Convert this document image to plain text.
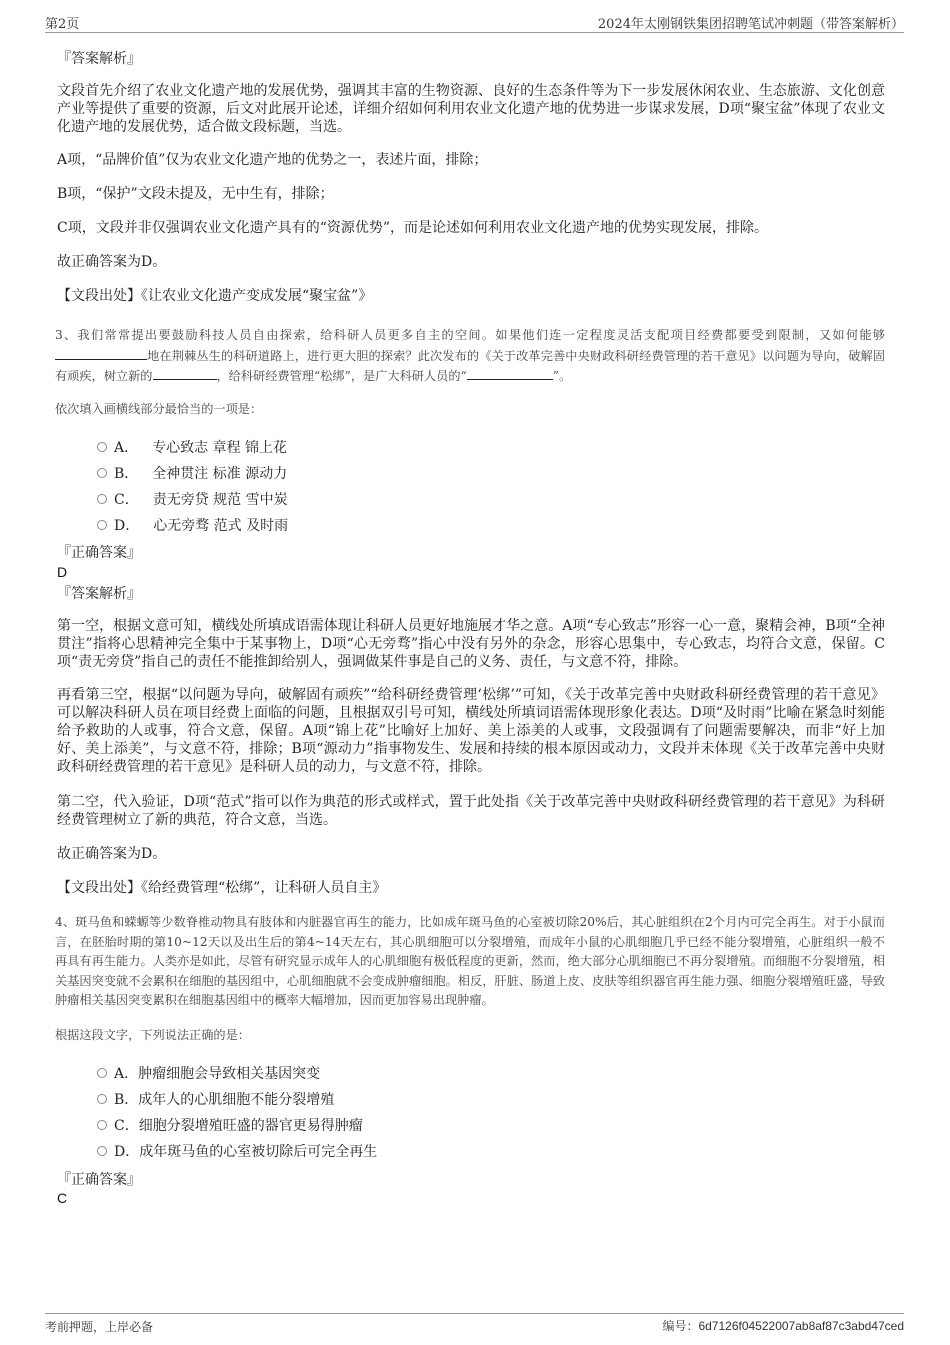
第2页	2024年太刚钢铁集团招聘笔试冲刺题（带答案解析）
『答案解析』

文段首先介绍了农业文化遗产地的发展优势，强调其丰富的生物资源、良好的生态条件等为下一步发展休闲农业、生态旅游、文化创意产业等提供了重要的资源，后文对此展开论述，详细介绍如何利用农业文化遗产地的优势进一步谋求发展，D项“聚宝盆”体现了农业文化遗产地的发展优势，适合做文段标题，当选。

A项，“品牌价值”仅为农业文化遗产地的优势之一，表述片面，排除；

B项，“保护”文段未提及，无中生有，排除；

C项，文段并非仅强调农业文化遗产具有的“资源优势”，而是论述如何利用农业文化遗产地的优势实现发展，排除。

故正确答案为D。

【文段出处】《让农业文化遗产变成发展“聚宝盆”》

3、我们常常提出要鼓励科技人员自由探索，给科研人员更多自主的空间。如果他们连一定程度灵活支配项目经费都要受到限制，又如何能够地在荆棘丛生的科研道路上，进行更大胆的探索？此次发布的《关于改革完善中央财政科研经费管理的若干意见》以问题为导向，破解固有顽疾，树立新的	，给科研经费管理“松绑”，是广大科研人员的“	”。

依次填入画横线部分最恰当的一项是：

A． 专心致志 章程 锦上花
B． 全神贯注 标准 源动力
C． 责无旁贷 规范 雪中炭
D． 心无旁骛 范式 及时雨
『正确答案』
D
『答案解析』

第一空，根据文意可知，横线处所填成语需体现让科研人员更好地施展才华之意。A项“专心致志”形容一心一意，聚精会神，B项“全神贯注”指将心思精神完全集中于某事物上，D项“心无旁骛”指心中没有另外的杂念，形容心思集中，专心致志，均符合文意，保留。C项“责无旁贷”指自己的责任不能推卸给别人，强调做某件事是自己的义务、责任，与文意不符，排除。

再看第三空，根据“以问题为导向，破解固有顽疾”“给科研经费管理‘松绑’”可知，《关于改革完善中央财政科研经费管理的若干意见》可以解决科研人员在项目经费上面临的问题，且根据双引号可知，横线处所填词语需体现形象化表达。D项“及时雨”比喻在紧急时刻能给予救助的人或事，符合文意，保留。A项“锦上花”比喻好上加好、美上添美的人或事，文段强调有了问题需要解决，而非“好上加好、美上添美”，与文意不符，排除；B项“源动力”指事物发生、发展和持续的根本原因或动力，文段并未体现《关于改革完善中央财政科研经费管理的若干意见》是科研人员的动力，与文意不符，排除。

第二空，代入验证，D项“范式”指可以作为典范的形式或样式，置于此处指《关于改革完善中央财政科研经费管理的若干意见》为科研经费管理树立了新的典范，符合文意，当选。

故正确答案为D。

【文段出处】《给经费管理“松绑”，让科研人员自主》

4、斑马鱼和蝾螈等少数脊椎动物具有肢体和内脏器官再生的能力，比如成年斑马鱼的心室被切除20%后，其心脏组织在2个月内可完全再生。对于小鼠而言，在胚胎时期的第10~12天以及出生后的第4~14天左右，其心肌细胞可以分裂增殖，而成年小鼠的心肌细胞几乎已经不能分裂增殖，心脏组织一般不再具有再生能力。人类亦是如此，尽管有研究显示成年人的心肌细胞有极低程度的更新，然而，绝大部分心肌细胞已不再分裂增殖。而细胞不分裂增殖，相关基因突变就不会累积在细胞的基因组中，心肌细胞就不会变成肿瘤细胞。相反，肝脏、肠道上皮、皮肤等组织器官再生能力强、细胞分裂增殖旺盛，导致肿瘤相关基因突变累积在细胞基因组中的概率大幅增加，因而更加容易出现肿瘤。

根据这段文字，下列说法正确的是：

A． 肿瘤细胞会导致相关基因突变
B． 成年人的心肌细胞不能分裂增殖
C． 细胞分裂增殖旺盛的器官更易得肿瘤
D． 成年斑马鱼的心室被切除后可完全再生
『正确答案』
C
考前押题，上岸必备	编号：6d7126f04522007ab8af87c3abd47ced
